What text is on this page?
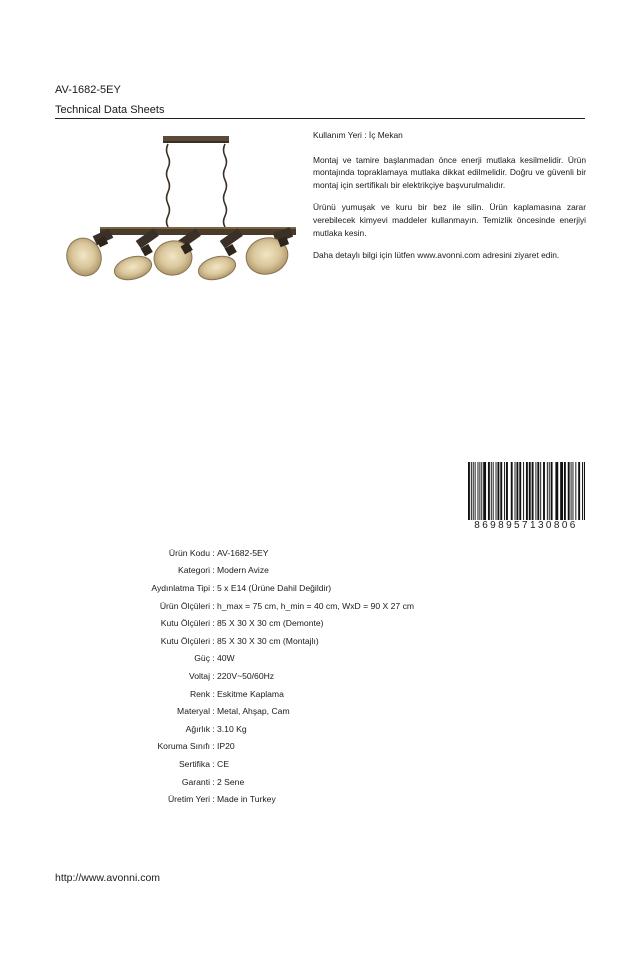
AV-1682-5EY

Technical Data Sheets

Kullanım Yeri : İç Mekan

Montaj ve tamire başlanmadan önce enerji mutlaka kesilmelidir. Ürün montajında topraklamaya mutlaka dikkat edilmelidir. Doğru ve güvenli bir montaj için sertifikalı bir elektrikçiye başvurulmalıdır.

Ürünü yumuşak ve kuru bir bez ile silin. Ürün kaplamasına zarar verebilecek kimyevi maddeler kullanmayın. Temizlik öncesinde enerjiyi mutlaka kesin.

Daha detaylı bilgi için lütfen www.avonni.com adresini ziyaret edin.

8698957130806
Ürün Kodu : AV-1682-5EY
Kategori : Modern Avize
Aydınlatma Tipi : 5 x E14 (Ürüne Dahil Değildir)
Ürün Ölçüleri : h_max = 75 cm, h_min = 40 cm, WxD = 90 X 27 cm
Kutu Ölçüleri : 85 X 30 X 30 cm (Demonte)
Kutu Ölçüleri : 85 X 30 X 30 cm (Montajlı)
Güç : 40W
Voltaj : 220V~50/60Hz
Renk : Eskitme Kaplama
Materyal : Metal, Ahşap, Cam
Ağırlık : 3.10 Kg
Koruma Sınıfı : IP20
Sertifika : CE
Garanti : 2 Sene
Üretim Yeri : Made in Turkey
http://www.avonni.com
